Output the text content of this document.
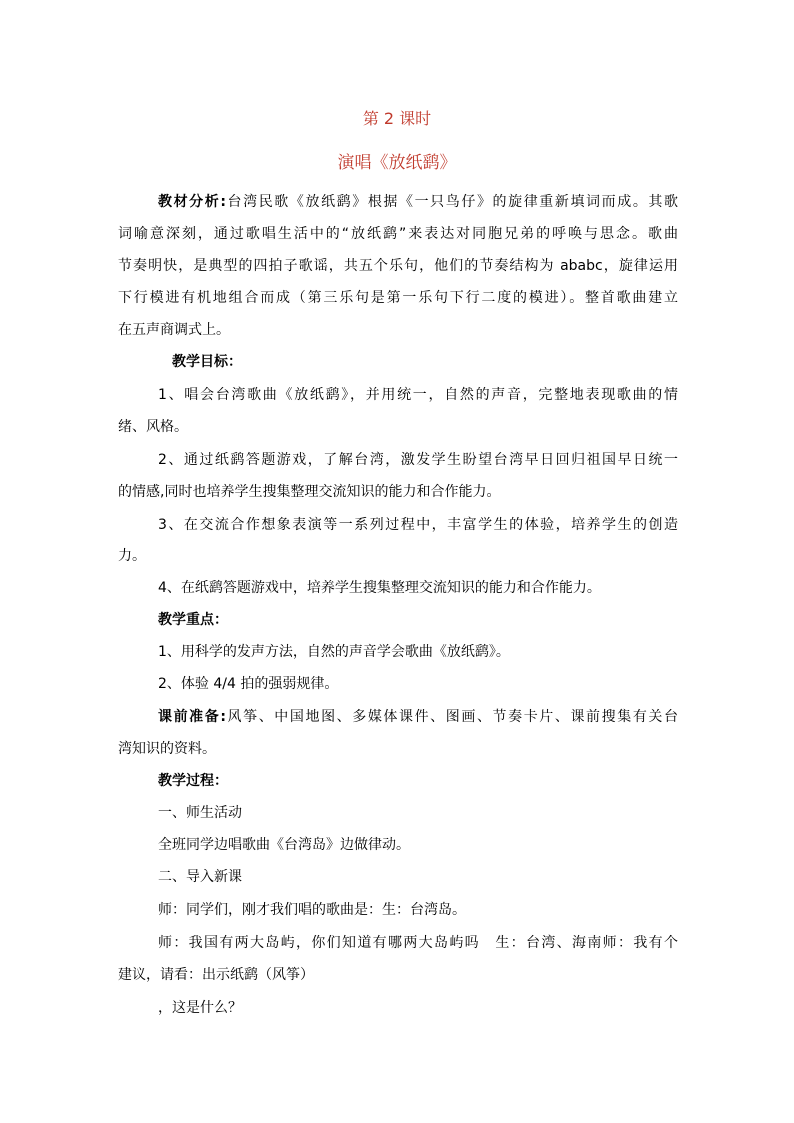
第 2 课时

演唱《放纸鹞》

教材分析:台湾民歌《放纸鹞》根据《一只鸟仔》的旋律重新填词而成。其歌

词喻意深刻，通过歌唱生活中的“放纸鹞”来表达对同胞兄弟的呼唤与思念。歌曲

节奏明快，是典型的四拍子歌谣，共五个乐句，他们的节奏结构为 ababc，旋律运用

下行模进有机地组合而成（第三乐句是第一乐句下行二度的模进）。整首歌曲建立

在五声商调式上。

教学目标：

1、唱会台湾歌曲《放纸鹞》，并用统一，自然的声音，完整地表现歌曲的情

绪、风格。

2、通过纸鹞答题游戏，了解台湾，激发学生盼望台湾早日回归祖国早日统一

的情感,同时也培养学生搜集整理交流知识的能力和合作能力。

3、在交流合作想象表演等一系列过程中，丰富学生的体验，培养学生的创造

力。

4、在纸鹞答题游戏中，培养学生搜集整理交流知识的能力和合作能力。

教学重点：

1、用科学的发声方法，自然的声音学会歌曲《放纸鹞》。

2、体验 4/4 拍的强弱规律。

课前准备:风筝、中国地图、多媒体课件、图画、节奏卡片、课前搜集有关台

湾知识的资料。

教学过程：

一、师生活动

全班同学边唱歌曲《台湾岛》边做律动。

二、导入新课

师：同学们，刚才我们唱的歌曲是：生：台湾岛。

师：我国有两大岛屿，你们知道有哪两大岛屿吗　生：台湾、海南师：我有个

建议，请看：出示纸鹞（风筝）

，这是什么？
